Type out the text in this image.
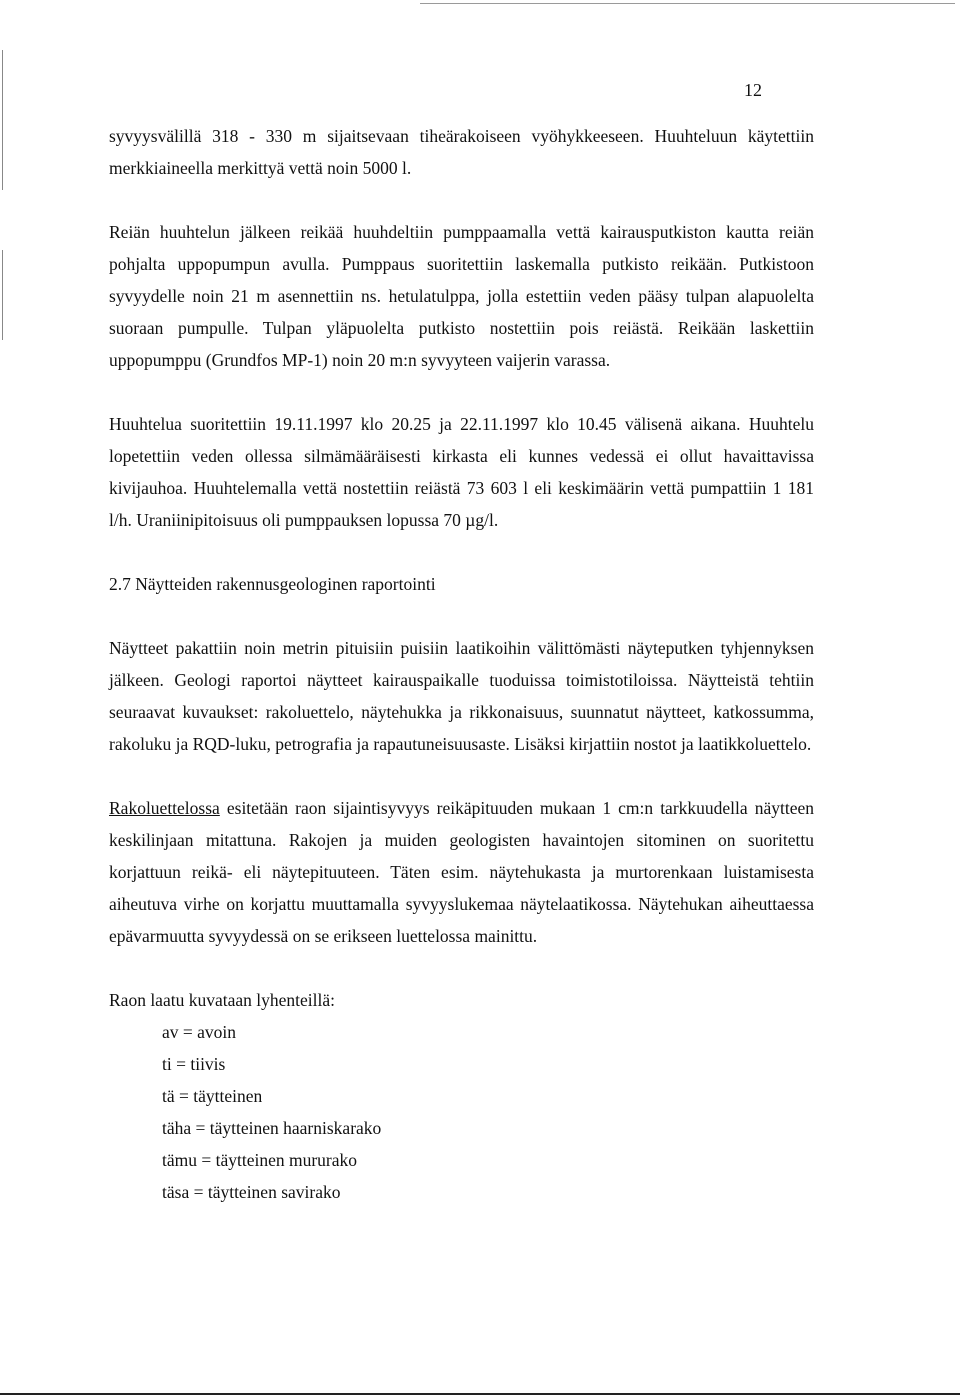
12

syvyysvälillä 318 - 330 m sijaitsevaan tiheärakoiseen vyöhykkeeseen. Huuhteluun käytettiin merkkiaineella merkittyä vettä noin 5000 l.

Reiän huuhtelun jälkeen reikää huuhdeltiin pumppaamalla vettä kairausputkiston kautta reiän pohjalta uppopumpun avulla. Pumppaus suoritettiin laskemalla putkisto reikään. Putkistoon syvyydelle noin 21 m asennettiin ns. hetulatulppa, jolla estettiin veden pääsy tulpan alapuolelta suoraan pumpulle. Tulpan yläpuolelta putkisto nostettiin pois reiästä. Reikään laskettiin uppopumppu (Grundfos MP-1) noin 20 m:n syvyyteen vaijerin varassa.

Huuhtelua suoritettiin 19.11.1997 klo 20.25 ja 22.11.1997 klo 10.45 välisenä aikana. Huuhtelu lopetettiin veden ollessa silmämääräisesti kirkasta eli kunnes vedessä ei ollut havaittavissa kivijauhoa. Huuhtelemalla vettä nostettiin reiästä 73 603 l eli keskimäärin vettä pumpattiin 1 181 l/h. Uraniinipitoisuus oli pumppauksen lopussa 70 µg/l.

2.7 Näytteiden rakennusgeologinen raportointi

Näytteet pakattiin noin metrin pituisiin puisiin laatikoihin välittömästi näyteputken tyhjennyksen jälkeen. Geologi raportoi näytteet kairauspaikalle tuoduissa toimistotiloissa. Näytteistä tehtiin seuraavat kuvaukset: rakoluettelo, näytehukka ja rikkonaisuus, suunnatut näytteet, katkossumma, rakoluku ja RQD-luku, petrografia ja rapautuneisuusaste. Lisäksi kirjattiin nostot ja laatikkoluettelo.

Rakoluettelossa esitetään raon sijaintisyvyys reikäpituuden mukaan 1 cm:n tarkkuudella näytteen keskilinjaan mitattuna. Rakojen ja muiden geologisten havaintojen sitominen on suoritettu korjattuun reikä- eli näytepituuteen. Täten esim. näytehukasta ja murtorenkaan luistamisesta aiheutuva virhe on korjattu muuttamalla syvyyslukemaa näytelaatikossa. Näytehukan aiheuttaessa epävarmuutta syvyydessä on se erikseen luettelossa mainittu.

Raon laatu kuvataan lyhenteillä:

av = avoin
ti = tiivis
tä = täytteinen
täha = täytteinen haarniskarako
tämu = täytteinen mururako
täsa = täytteinen savirako
